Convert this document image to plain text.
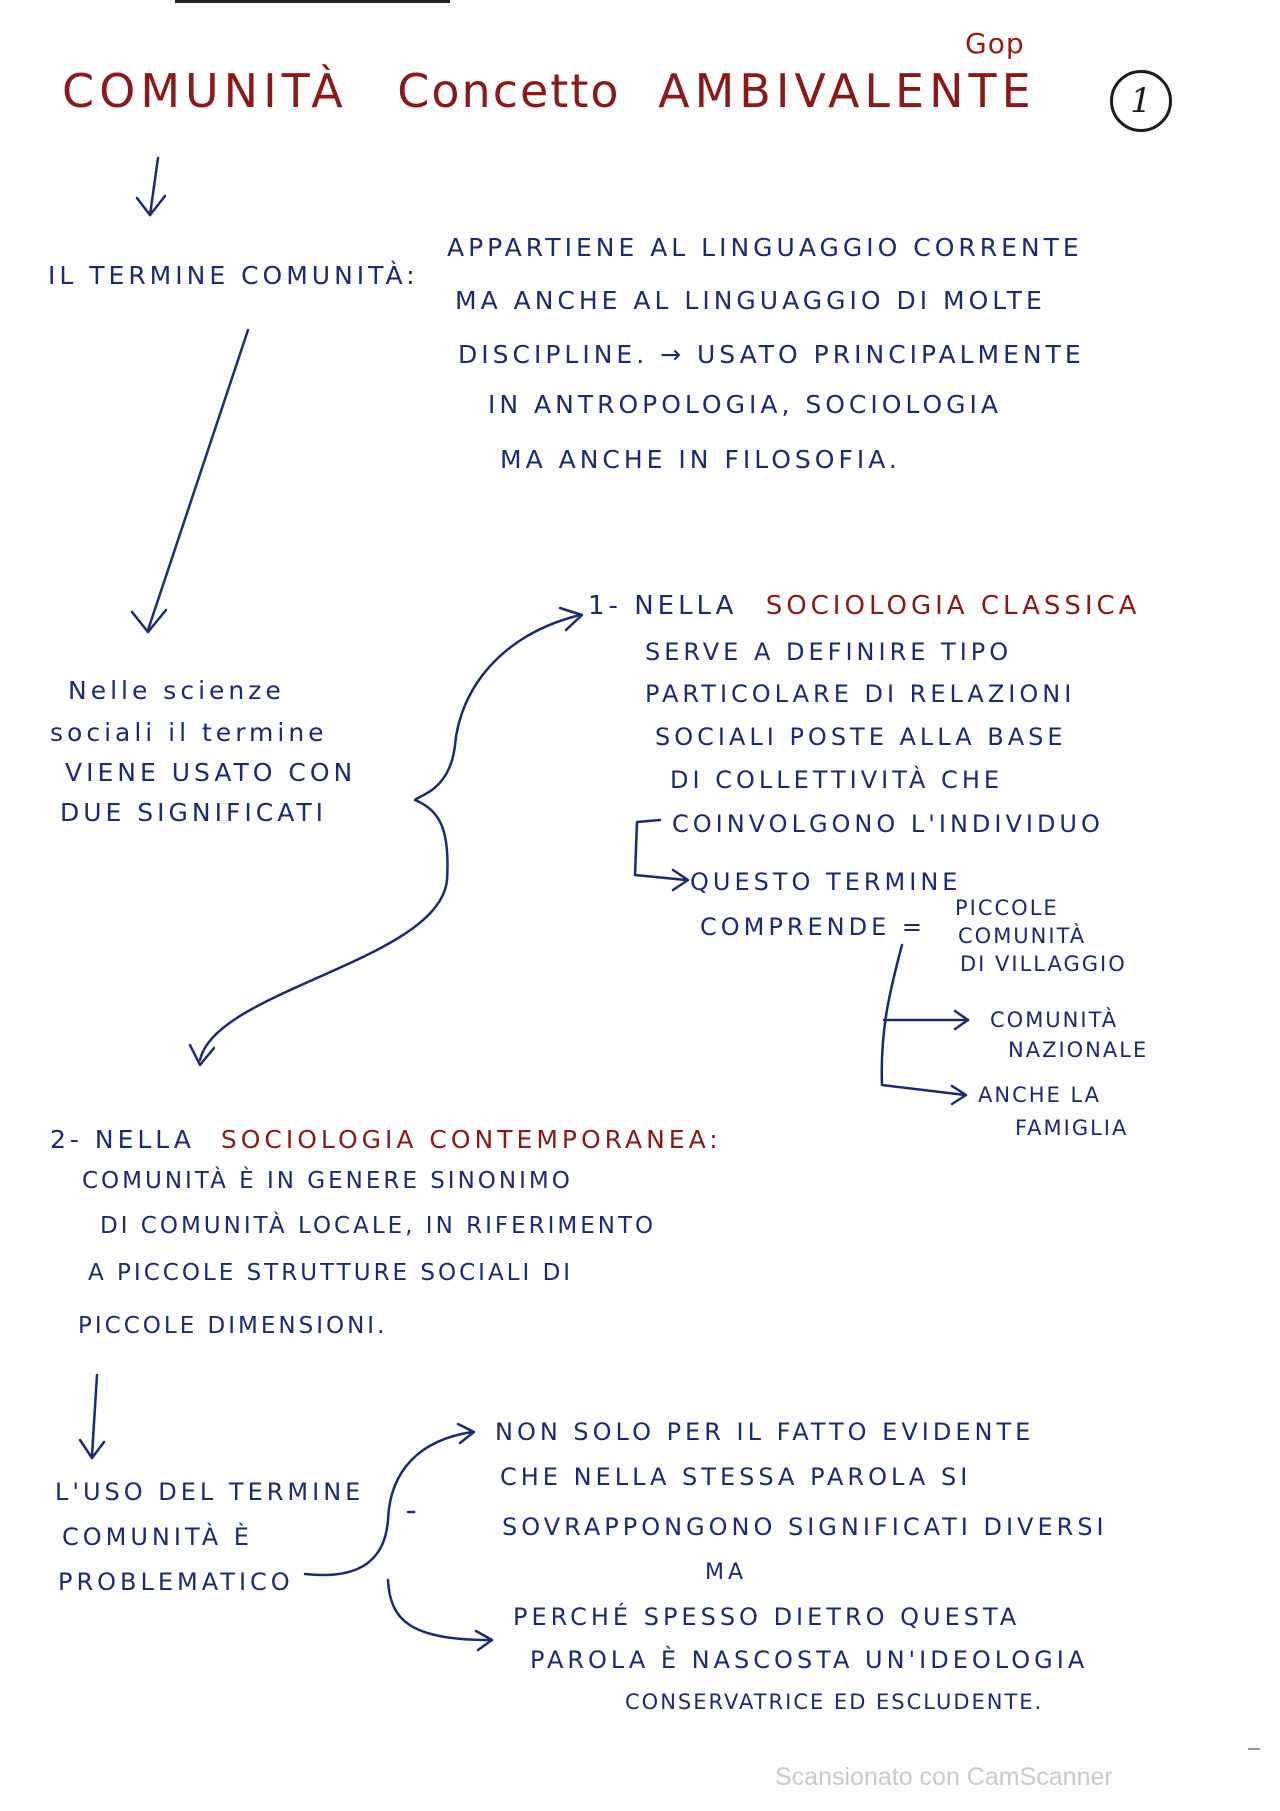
COMUNITÀ Concetto AMBIVALENTE
Gop
1
IL TERMINE COMUNITÀ:
APPARTIENE AL LINGUAGGIO CORRENTE
MA ANCHE AL LINGUAGGIO DI MOLTE
DISCIPLINE. → USATO PRINCIPALMENTE
IN ANTROPOLOGIA, SOCIOLOGIA
MA ANCHE IN FILOSOFIA.
Nelle scienze
sociali il termine
VIENE USATO CON
DUE SIGNIFICATI
1- NELLA SOCIOLOGIA CLASSICA
SERVE A DEFINIRE TIPO
PARTICOLARE DI RELAZIONI
SOCIALI POSTE ALLA BASE
DI COLLETTIVITÀ CHE
COINVOLGONO L'INDIVIDUO
QUESTO TERMINE
COMPRENDE =
PICCOLE
COMUNITÀ
DI VILLAGGIO
COMUNITÀ
NAZIONALE
ANCHE LA
FAMIGLIA
2- NELLA SOCIOLOGIA CONTEMPORANEA:
COMUNITÀ È IN GENERE SINONIMO
DI COMUNITÀ LOCALE, IN RIFERIMENTO
A PICCOLE STRUTTURE SOCIALI DI
PICCOLE DIMENSIONI.
L'USO DEL TERMINE
COMUNITÀ È
PROBLEMATICO
NON SOLO PER IL FATTO EVIDENTE
CHE NELLA STESSA PAROLA SI
SOVRAPPONGONO SIGNIFICATI DIVERSI
MA
PERCHÉ SPESSO DIETRO QUESTA
PAROLA È NASCOSTA UN'IDEOLOGIA
CONSERVATRICE ED ESCLUDENTE.
Scansionato con CamScanner
